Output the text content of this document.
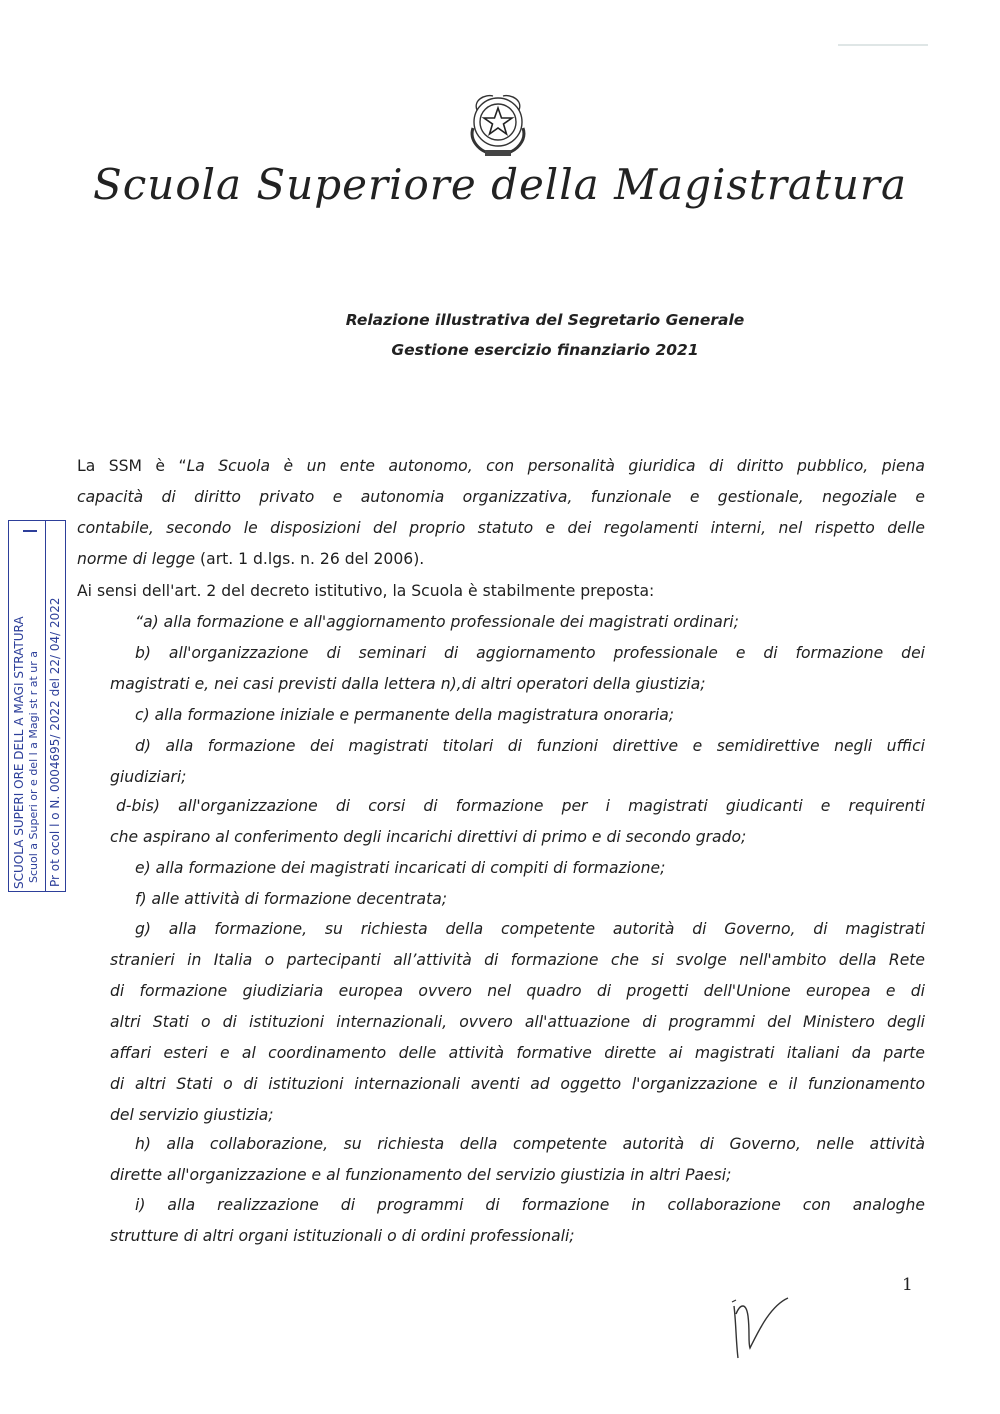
Scuola Superiore della Magistratura
Relazione illustrativa del Segretario Generale
Gestione esercizio finanziario 2021
La SSM è “La Scuola è un ente autonomo, con personalità giuridica di diritto pubblico, piena
capacità di diritto privato e autonomia organizzativa, funzionale e gestionale, negoziale e
contabile, secondo le disposizioni del proprio statuto e dei regolamenti interni, nel rispetto delle
norme di legge (art. 1 d.lgs. n. 26 del 2006).
Ai sensi dell'art. 2 del decreto istitutivo, la Scuola è stabilmente preposta:
“a) alla formazione e all'aggiornamento professionale dei magistrati ordinari;
b) all'organizzazione di seminari di aggiornamento professionale e di formazione dei
magistrati e, nei casi previsti dalla lettera n),di altri operatori della giustizia;
c) alla formazione iniziale e permanente della magistratura onoraria;
d) alla formazione dei magistrati titolari di funzioni direttive e semidirettive negli uffici
giudiziari;
d-bis) all'organizzazione di corsi di formazione per i magistrati giudicanti e requirenti
che aspirano al conferimento degli incarichi direttivi di primo e di secondo grado;
e) alla formazione dei magistrati incaricati di compiti di formazione;
f) alle attività di formazione decentrata;
g) alla formazione, su richiesta della competente autorità di Governo, di magistrati
stranieri in Italia o partecipanti all’attività di formazione che si svolge nell'ambito della Rete
di formazione giudiziaria europea ovvero nel quadro di progetti dell'Unione europea e di
altri Stati o di istituzioni internazionali, ovvero all'attuazione di programmi del Ministero degli
affari esteri e al coordinamento delle attività formative dirette ai magistrati italiani da parte
di altri Stati o di istituzioni internazionali aventi ad oggetto l'organizzazione e il funzionamento
del servizio giustizia;
h) alla collaborazione, su richiesta della competente autorità di Governo, nelle attività
dirette all'organizzazione e al funzionamento del servizio giustizia in altri Paesi;
i) alla realizzazione di programmi di formazione in collaborazione con analoghe
strutture di altri organi istituzionali o di ordini professionali;
SCUOLA SUPERI ORE DELL A MAGI STRATURA Scuol a Superi or e del l a Magi st r at ur a Pr ot ocol l o N. 0004695/ 2022 del 22/ 04/ 2022
1
